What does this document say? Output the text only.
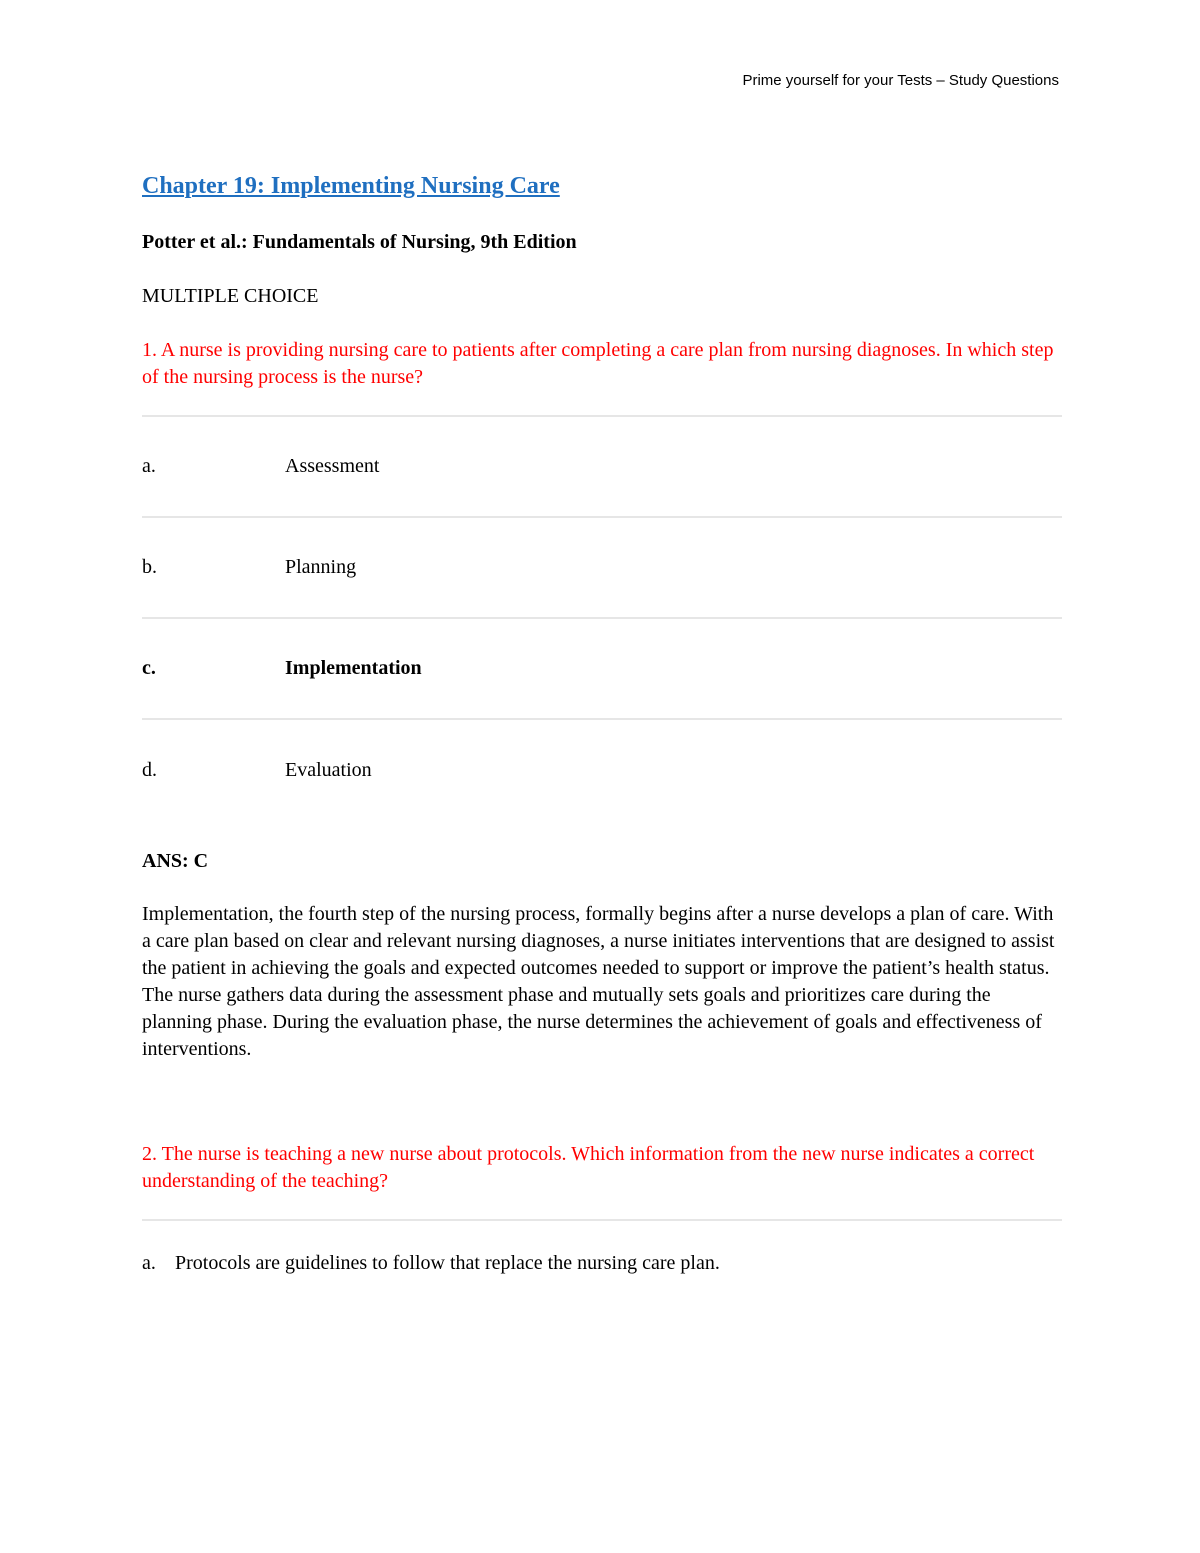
Prime yourself for your Tests – Study Questions
Chapter 19: Implementing Nursing Care
Potter et al.: Fundamentals of Nursing, 9th Edition
MULTIPLE CHOICE
1. A nurse is providing nursing care to patients after completing a care plan from nursing diagnoses. In which step of the nursing process is the nurse?
a.	Assessment
b.	Planning
c.	Implementation
d.	Evaluation
ANS: C
Implementation, the fourth step of the nursing process, formally begins after a nurse develops a plan of care. With a care plan based on clear and relevant nursing diagnoses, a nurse initiates interventions that are designed to assist the patient in achieving the goals and expected outcomes needed to support or improve the patient’s health status. The nurse gathers data during the assessment phase and mutually sets goals and prioritizes care during the planning phase. During the evaluation phase, the nurse determines the achievement of goals and effectiveness of interventions.
2. The nurse is teaching a new nurse about protocols. Which information from the new nurse indicates a correct understanding of the teaching?
a. Protocols are guidelines to follow that replace the nursing care plan.
